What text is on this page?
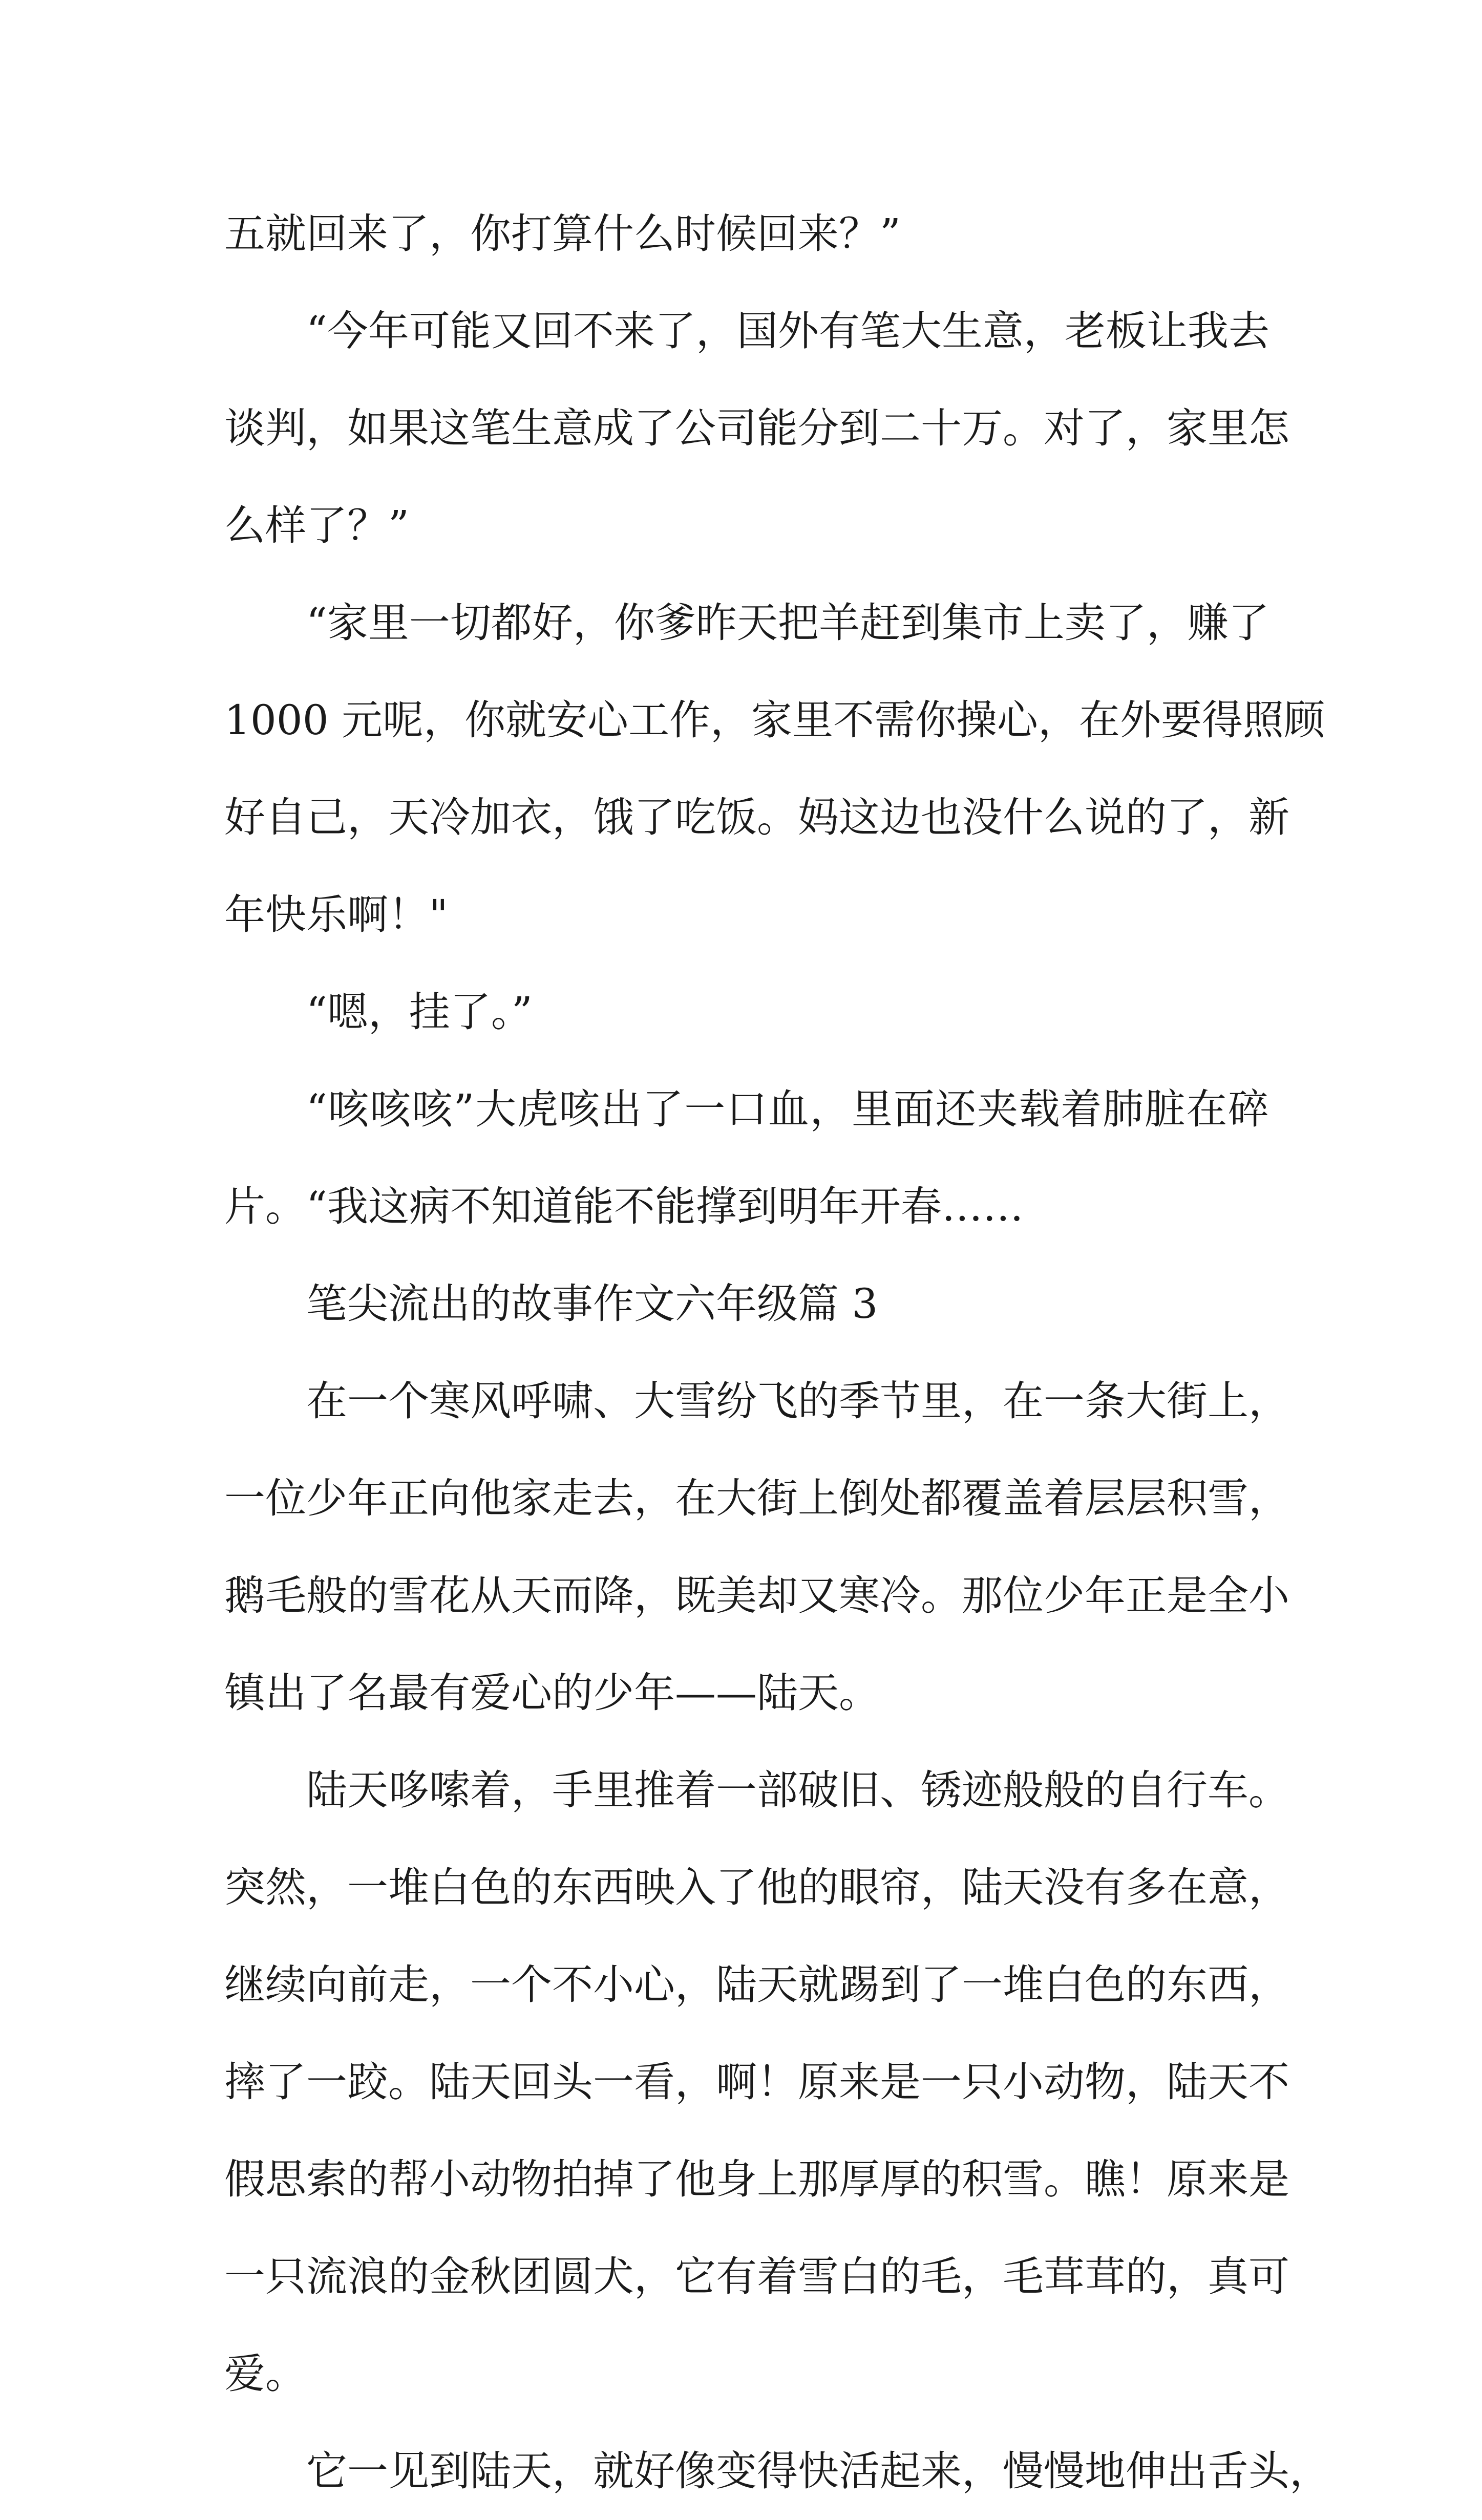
五就回来了，你打算什么时候回来？”
“今年可能又回不来了，国外有笔大生意，老板让我去
谈判，如果这笔生意成了公司能分到二十万。对了，家里怎
么样了？”
“家里一切都好，你爹昨天把羊赶到集市上卖了，赚了
1000 元呢，你就安心工作，家里不需你操心，在外要得照顾
好自己，天冷加衣，饿了吃饭。妈这边也没什么说的了，新
年快乐啊！"
“嗯，挂了。”
“咳咳咳”大虎咳出了一口血，里面还夹载着肺脏在碎
片。“我这病不知道能不能撑到明年开春……
笔尖流出的故事作文六年级篇 3
在一个寒风呼啸、大雪纷飞的季节里，在一条大街上，
一位少年正向他家走去，在大街上倒处都覆盖着层层积雪，
鹅毛般的雪花从天而降，既美却又寒冷。那位少年正是全小
镇出了名最有爱心的少年——陆天。
陆天哆嗦着，手里推着一部破旧、锈迹般般的自行车。
突然，一堆白色的东西映入了他的眼帘，陆天没有多在意，
继续向前走，一个不小心，陆天就踢到了一堆白色的东西，
摔了一跤。陆天回头一看，啊！原来是一只小动物，陆天不
假思索的帮小动物拍掉了他身上那厚厚的积雪。瞧！原来是
一只流浪的金秋团圆犬，它有着雪白的毛，毛茸茸的，真可
爱。
它一见到陆天，就好像变得快活起来，慢慢地伸出舌头，
